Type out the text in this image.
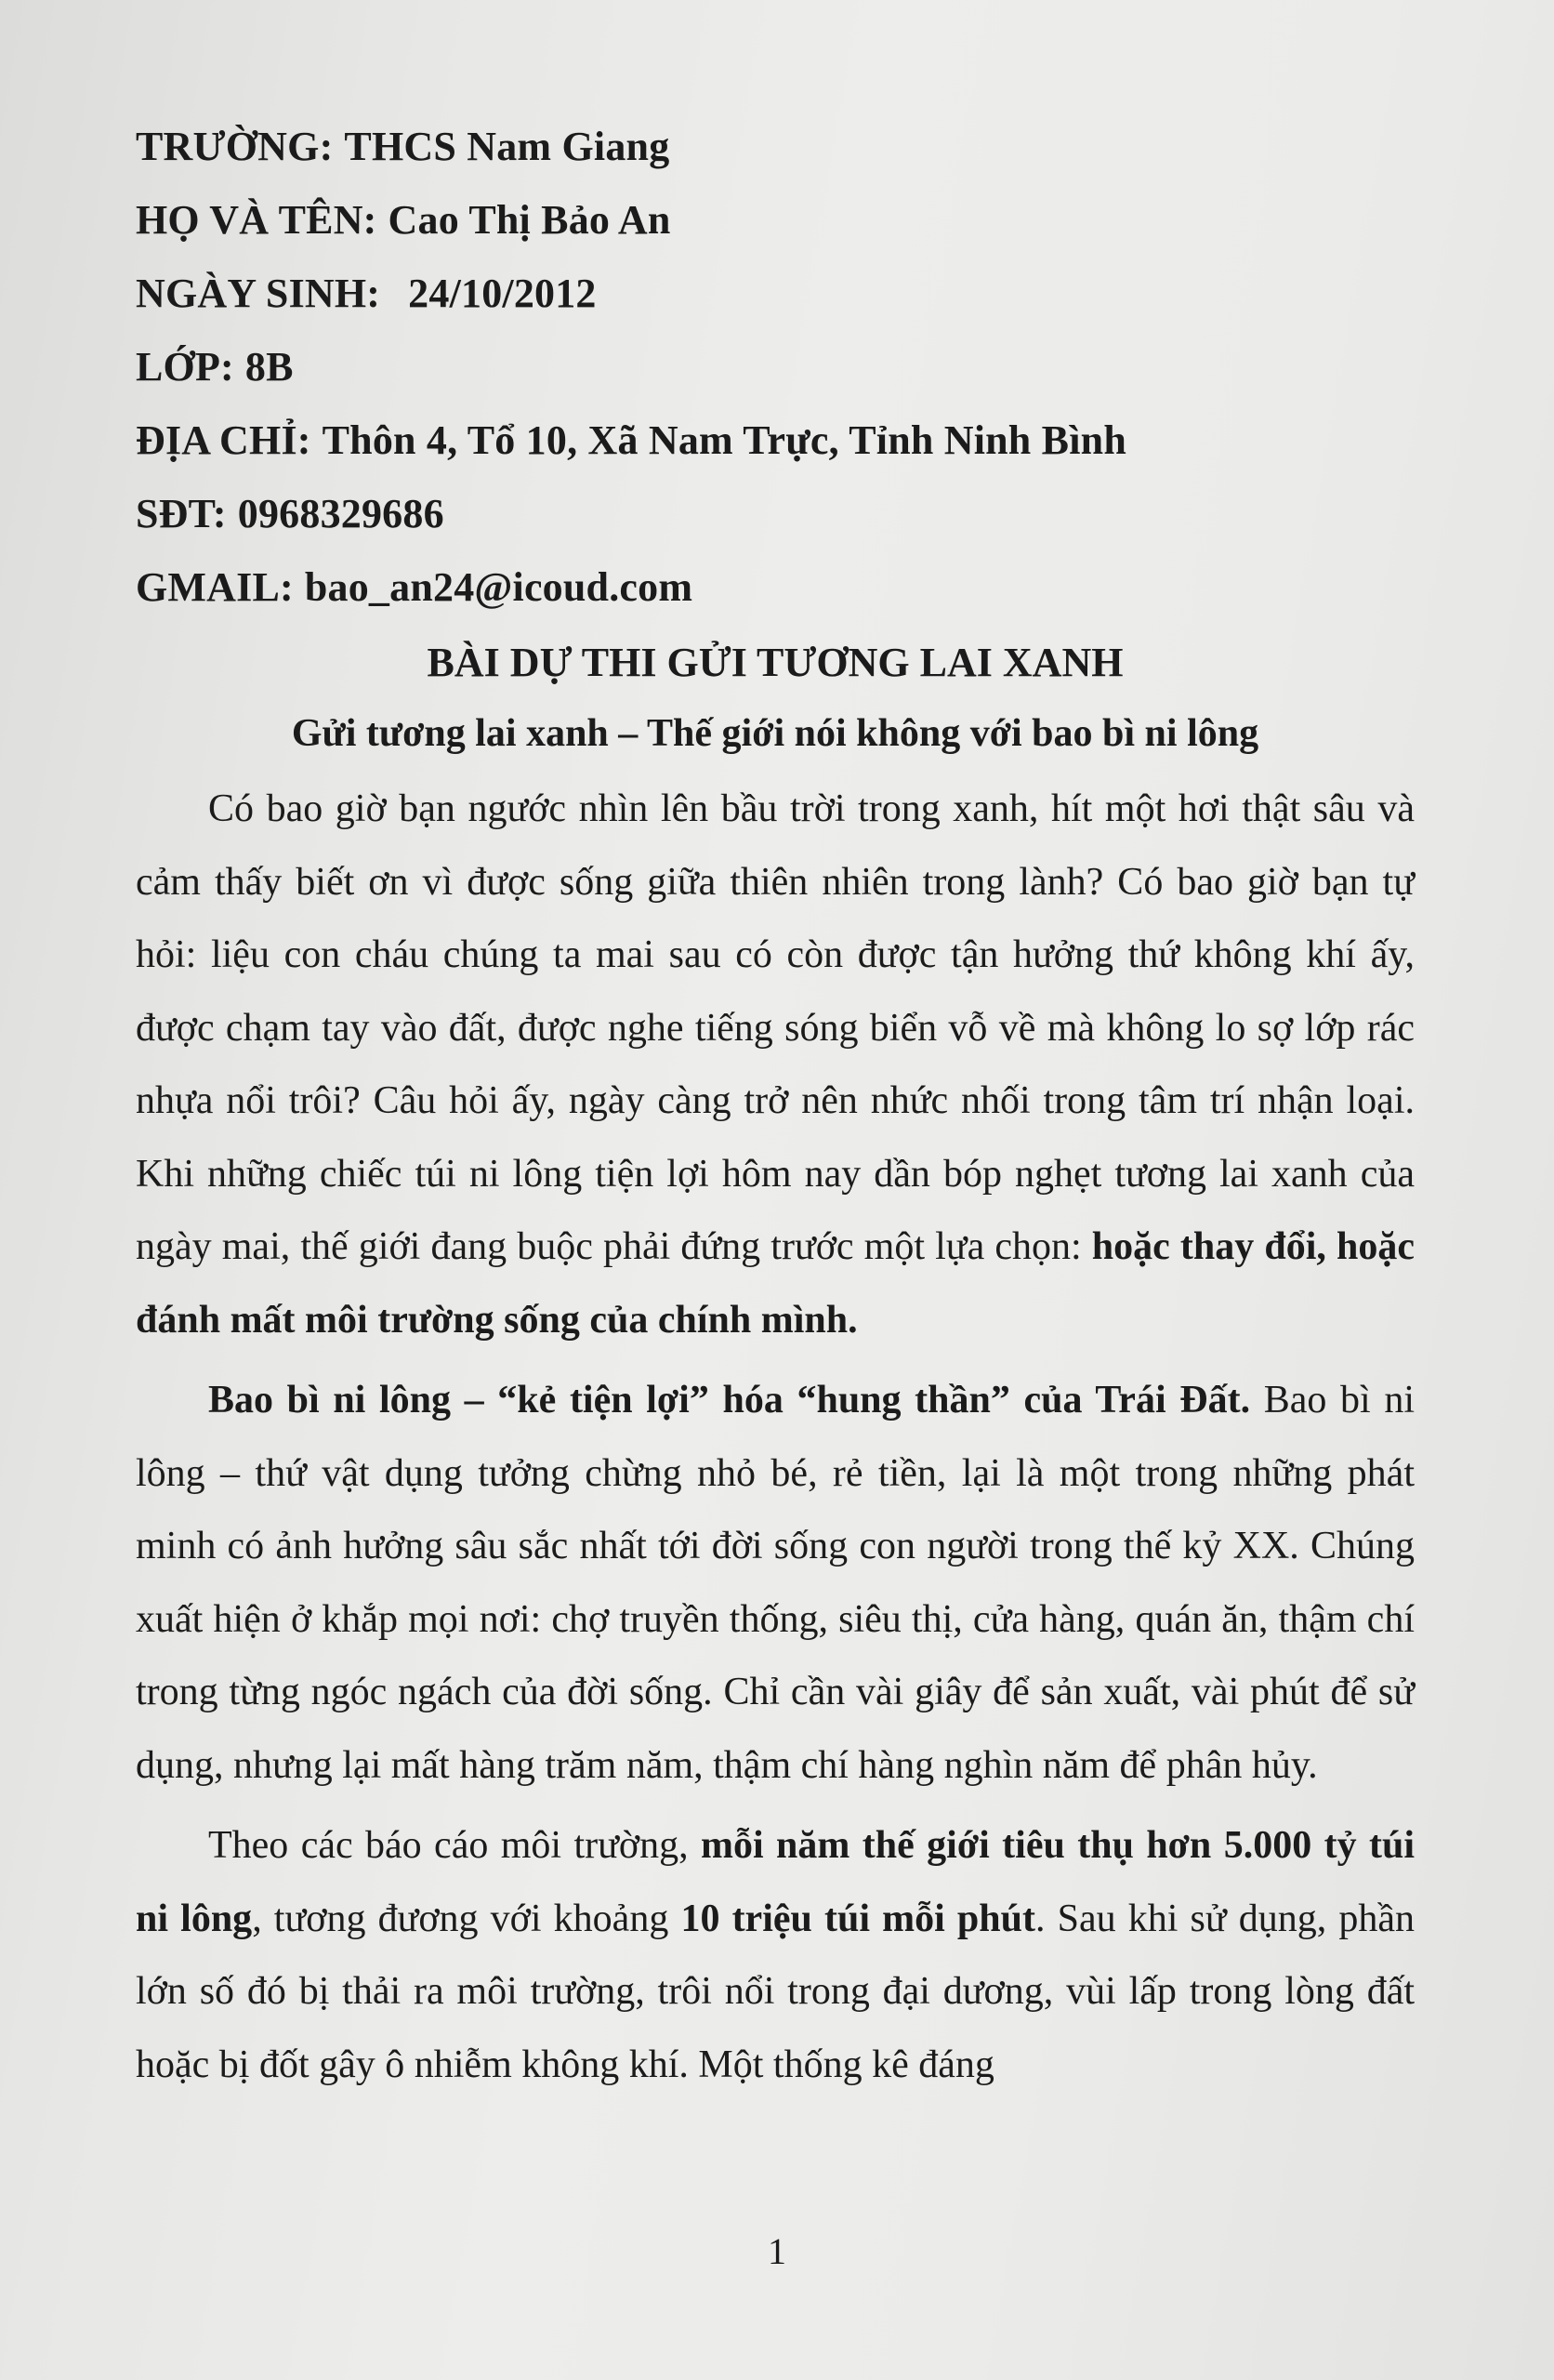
TRƯỜNG: THCS Nam Giang
HỌ VÀ TÊN: Cao Thị Bảo An
NGÀY SINH: 24/10/2012
LỚP: 8B
ĐỊA CHỈ: Thôn 4, Tổ 10, Xã Nam Trực, Tỉnh Ninh Bình
SĐT: 0968329686
GMAIL: bao_an24@icoud.com
BÀI DỰ THI GỬI TƯƠNG LAI XANH
Gửi tương lai xanh – Thế giới nói không với bao bì ni lông

Có bao giờ bạn ngước nhìn lên bầu trời trong xanh, hít một hơi thật sâu và cảm thấy biết ơn vì được sống giữa thiên nhiên trong lành? Có bao giờ bạn tự hỏi: liệu con cháu chúng ta mai sau có còn được tận hưởng thứ không khí ấy, được chạm tay vào đất, được nghe tiếng sóng biển vỗ về mà không lo sợ lớp rác nhựa nổi trôi? Câu hỏi ấy, ngày càng trở nên nhức nhối trong tâm trí nhận loại. Khi những chiếc túi ni lông tiện lợi hôm nay dần bóp nghẹt tương lai xanh của ngày mai, thế giới đang buộc phải đứng trước một lựa chọn: hoặc thay đổi, hoặc đánh mất môi trường sống của chính mình.

Bao bì ni lông – “kẻ tiện lợi” hóa “hung thần” của Trái Đất. Bao bì ni lông – thứ vật dụng tưởng chừng nhỏ bé, rẻ tiền, lại là một trong những phát minh có ảnh hưởng sâu sắc nhất tới đời sống con người trong thế kỷ XX. Chúng xuất hiện ở khắp mọi nơi: chợ truyền thống, siêu thị, cửa hàng, quán ăn, thậm chí trong từng ngóc ngách của đời sống. Chỉ cần vài giây để sản xuất, vài phút để sử dụng, nhưng lại mất hàng trăm năm, thậm chí hàng nghìn năm để phân hủy.

Theo các báo cáo môi trường, mỗi năm thế giới tiêu thụ hơn 5.000 tỷ túi ni lông, tương đương với khoảng 10 triệu túi mỗi phút. Sau khi sử dụng, phần lớn số đó bị thải ra môi trường, trôi nổi trong đại dương, vùi lấp trong lòng đất hoặc bị đốt gây ô nhiễm không khí. Một thống kê đáng

1
